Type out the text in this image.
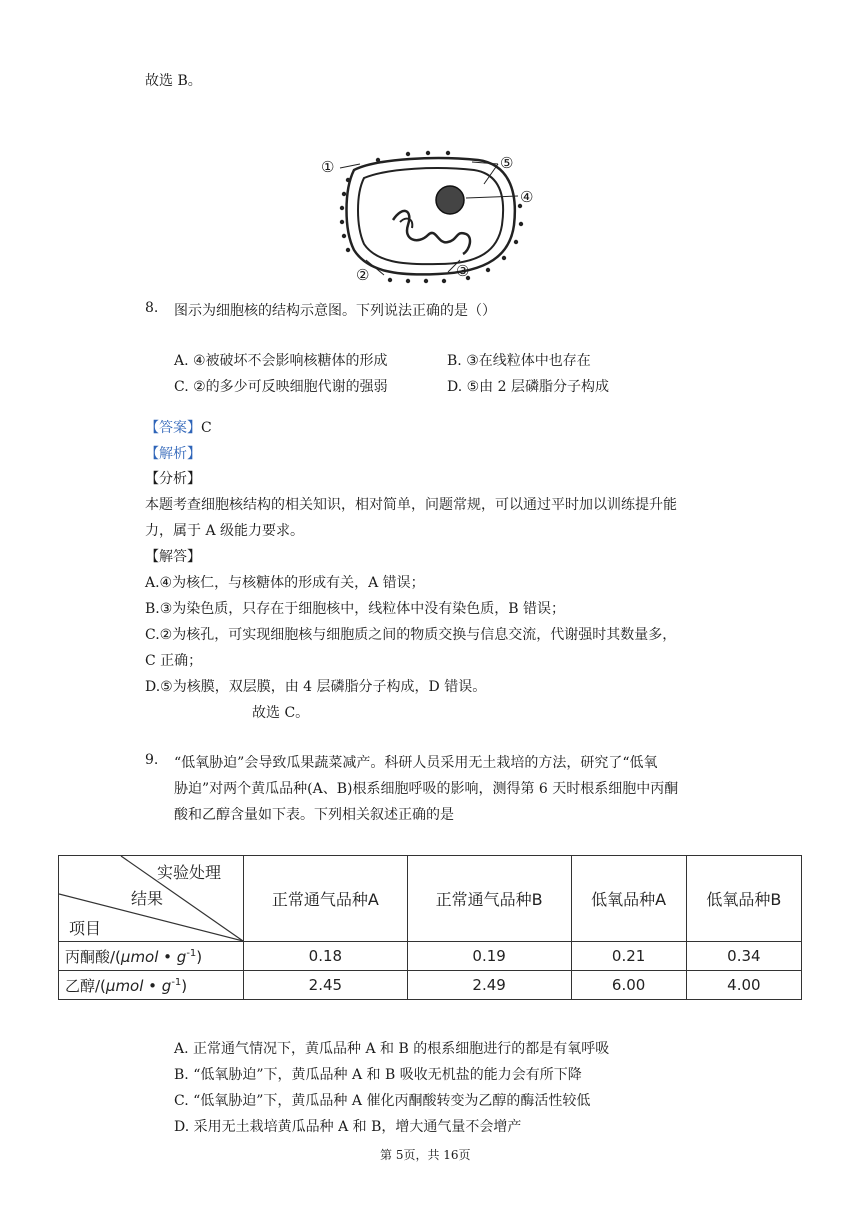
故选 B。
①
②	③
④
⑤
8. 图示为细胞核的结构示意图。下列说法正确的是（）
A. ④被破坏不会影响核糖体的形成	B. ③在线粒体中也存在
C. ②的多少可反映细胞代谢的强弱	D. ⑤由 2 层磷脂分子构成
【答案】C
【解析】
【分析】
本题考查细胞核结构的相关知识，相对简单，问题常规，可以通过平时加以训练提升能
力，属于 A 级能力要求。
【解答】
A.④为核仁，与核糖体的形成有关，A 错误；
B.③为染色质，只存在于细胞核中，线粒体中没有染色质，B 错误；
C.②为核孔，可实现细胞核与细胞质之间的物质交换与信息交流，代谢强时其数量多，
C 正确；
D.⑤为核膜，双层膜，由 4 层磷脂分子构成，D 错误。
故选 C。
9. “低氧胁迫”会导致瓜果蔬菜减产。科研人员采用无土栽培的方法，研究了“低氧
胁迫”对两个黄瓜品种(A、B)根系细胞呼吸的影响，测得第 6 天时根系细胞中丙酮
酸和乙醇含量如下表。下列相关叙述正确的是
实验处理
结果
项目	正常通气品种A	正常通气品种B	低氧品种A	低氧品种B
丙酮酸/(μmol • $g^{-1}$)	0.18	0.19	0.21	0.34
乙醇/(μmol • $g^{-1}$)	2.45	2.49	6.00	4.00
A. 正常通气情况下，黄瓜品种 A 和 B 的根系细胞进行的都是有氧呼吸
B. “低氧胁迫”下，黄瓜品种 A 和 B 吸收无机盐的能力会有所下降
C. “低氧胁迫”下，黄瓜品种 A 催化丙酮酸转变为乙醇的酶活性较低
D. 采用无土栽培黄瓜品种 A 和 B，增大通气量不会增产
第 5页，共 16页
